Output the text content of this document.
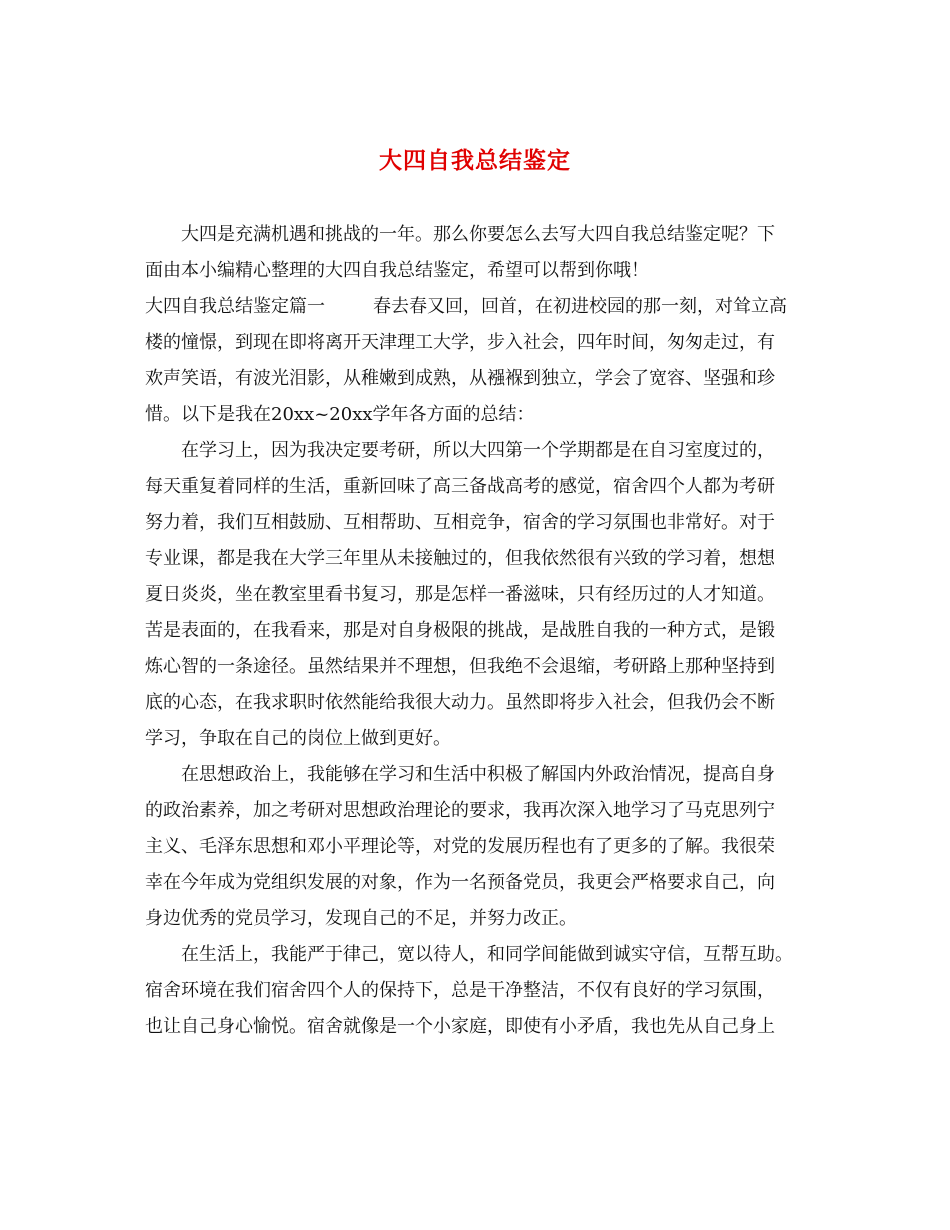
大四自我总结鉴定
大四是充满机遇和挑战的一年。那么你要怎么去写大四自我总结鉴定呢？下
面由本小编精心整理的大四自我总结鉴定，希望可以帮到你哦！
大四自我总结鉴定篇一	春去春又回，回首，在初进校园的那一刻，对耸立高
楼的憧憬，到现在即将离开天津理工大学，步入社会，四年时间，匆匆走过，有
欢声笑语，有波光泪影，从稚嫩到成熟，从襁褓到独立，学会了宽容、坚强和珍
惜。以下是我在20xx~20xx学年各方面的总结：
在学习上，因为我决定要考研，所以大四第一个学期都是在自习室度过的，
每天重复着同样的生活，重新回味了高三备战高考的感觉，宿舍四个人都为考研
努力着，我们互相鼓励、互相帮助、互相竞争，宿舍的学习氛围也非常好。对于
专业课，都是我在大学三年里从未接触过的，但我依然很有兴致的学习着，想想
夏日炎炎，坐在教室里看书复习，那是怎样一番滋味，只有经历过的人才知道。
苦是表面的，在我看来，那是对自身极限的挑战，是战胜自我的一种方式，是锻
炼心智的一条途径。虽然结果并不理想，但我绝不会退缩，考研路上那种坚持到
底的心态，在我求职时依然能给我很大动力。虽然即将步入社会，但我仍会不断
学习，争取在自己的岗位上做到更好。
在思想政治上，我能够在学习和生活中积极了解国内外政治情况，提高自身
的政治素养，加之考研对思想政治理论的要求，我再次深入地学习了马克思列宁
主义、毛泽东思想和邓小平理论等，对党的发展历程也有了更多的了解。我很荣
幸在今年成为党组织发展的对象，作为一名预备党员，我更会严格要求自己，向
身边优秀的党员学习，发现自己的不足，并努力改正。
在生活上，我能严于律己，宽以待人，和同学间能做到诚实守信，互帮互助。
宿舍环境在我们宿舍四个人的保持下，总是干净整洁，不仅有良好的学习氛围，
也让自己身心愉悦。宿舍就像是一个小家庭，即使有小矛盾，我也先从自己身上
